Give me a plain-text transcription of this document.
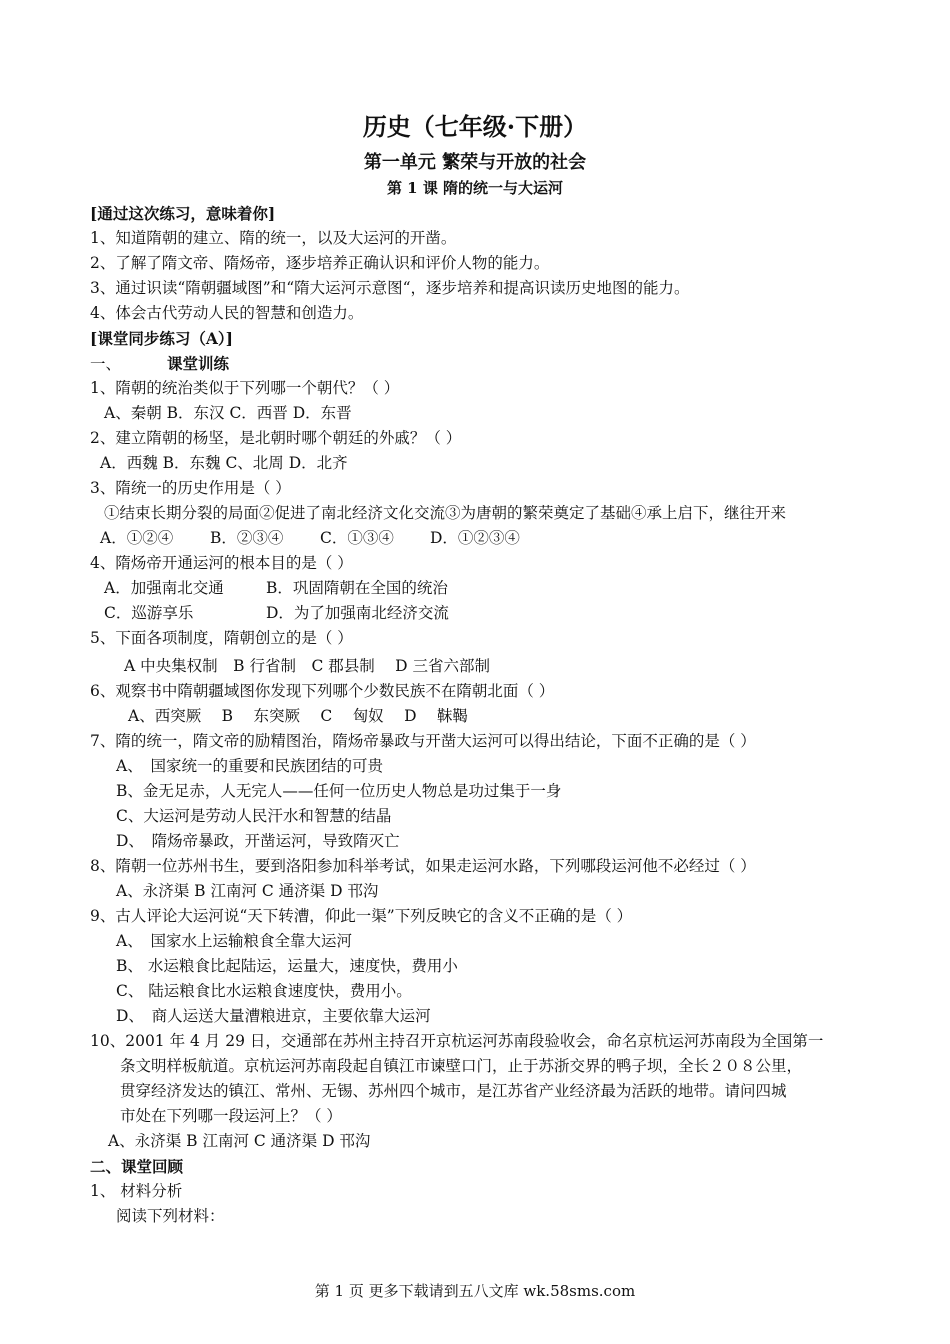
历史（七年级·下册）
第一单元 繁荣与开放的社会
第 1 课 隋的统一与大运河
[通过这次练习，意味着你]
1、知道隋朝的建立、隋的统一，以及大运河的开凿。
2、了解了隋文帝、隋炀帝，逐步培养正确认识和评价人物的能力。
3、通过识读“隋朝疆域图”和“隋大运河示意图“，逐步培养和提高识读历史地图的能力。
4、体会古代劳动人民的智慧和创造力。
[课堂同步练习（A）]
一、	课堂训练
1、隋朝的统治类似于下列哪一个朝代？（ ）
A、秦朝 B．东汉 C．西晋 D．东晋
2、建立隋朝的杨坚，是北朝时哪个朝廷的外戚？（ ）
A．西魏 B．东魏 C、北周 D．北齐
3、隋统一的历史作用是（ ）
①结束长期分裂的局面②促进了南北经济文化交流③为唐朝的繁荣奠定了基础④承上启下，继往开来
A．①②④ B．②③④ C．①③④ D．①②③④
4、隋炀帝开通运河的根本目的是（ ）
A．加强南北交通	B．巩固隋朝在全国的统治
C．巡游享乐	D．为了加强南北经济交流
5、下面各项制度，隋朝创立的是（ ）
A 中央集权制　B 行省制　C 郡县制　 D 三省六部制
6、观察书中隋朝疆域图你发现下列哪个少数民族不在隋朝北面（ ）
A、西突厥　 B　 东突厥　 C　 匈奴　 D　 靺鞨
7、隋的统一，隋文帝的励精图治，隋炀帝暴政与开凿大运河可以得出结论，下面不正确的是（ ）
A、　国家统一的重要和民族团结的可贵
B、金无足赤，人无完人——任何一位历史人物总是功过集于一身
C、大运河是劳动人民汗水和智慧的结晶
D、　隋炀帝暴政，开凿运河，导致隋灭亡
8、隋朝一位苏州书生，要到洛阳参加科举考试，如果走运河水路，下列哪段运河他不必经过（ ）
A、永济渠 B 江南河 C 通济渠 D 邗沟
9、古人评论大运河说“天下转漕，仰此一渠”下列反映它的含义不正确的是（ ）
A、　国家水上运输粮食全靠大运河
B、 水运粮食比起陆运，运量大，速度快，费用小
C、 陆运粮食比水运粮食速度快，费用小。
D、　商人运送大量漕粮进京，主要依靠大运河
10、2001 年 4 月 29 日，交通部在苏州主持召开京杭运河苏南段验收会，命名京杭运河苏南段为全国第一
条文明样板航道。京杭运河苏南段起自镇江市谏壁口门，止于苏浙交界的鸭子坝，全长２０８公里，
贯穿经济发达的镇江、常州、无锡、苏州四个城市，是江苏省产业经济最为活跃的地带。请问四城
市处在下列哪一段运河上？（ ）
A、永济渠 B 江南河 C 通济渠 D 邗沟
二、课堂回顾
1、 材料分析
阅读下列材料：
第 1 页 更多下载请到五八文库 wk.58sms.com
